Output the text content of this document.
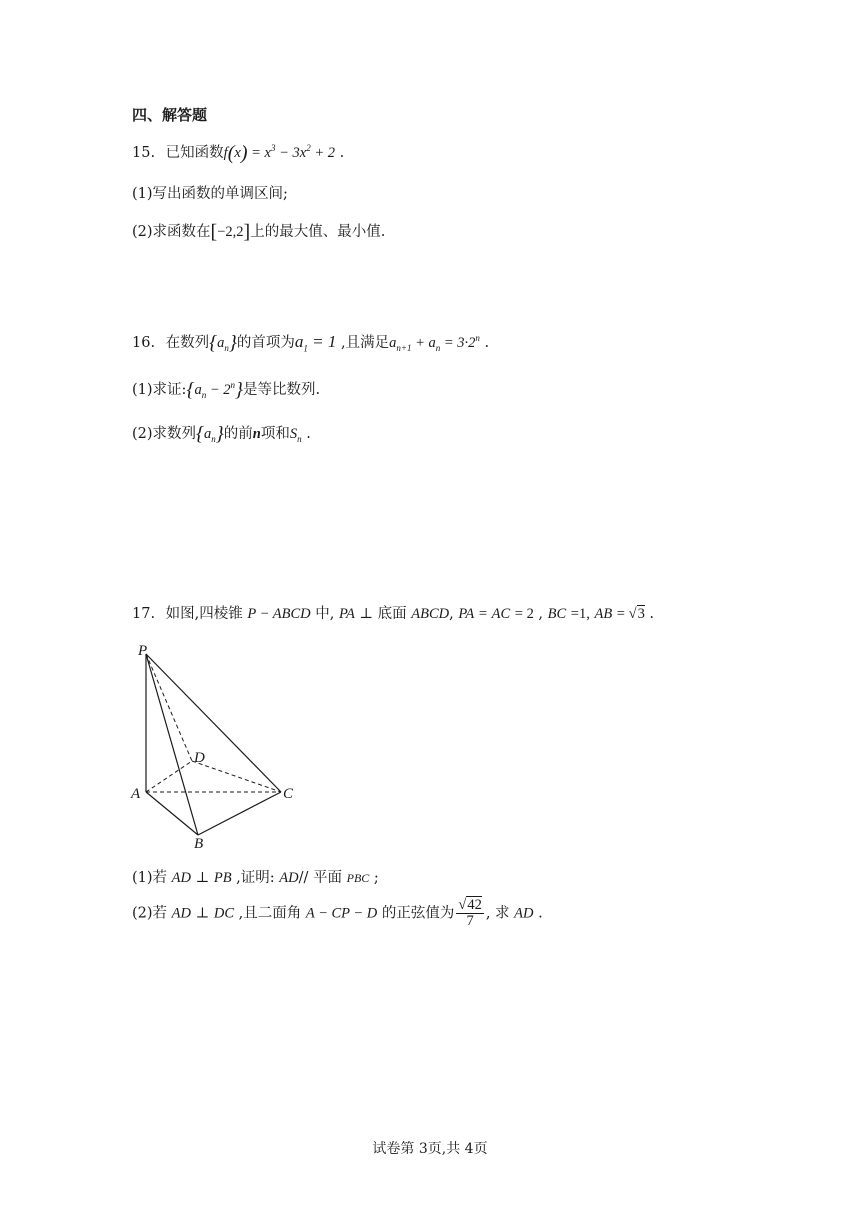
四、解答题
15. 已知函数$f(x) = x^3 - 3x^2 + 2$ .
(1)写出函数的单调区间;
(2)求函数在[−2,2]上的最大值、最小值.
16. 在数列$\{a_n\}$的首项为$a_1 = 1$ ,且满足$a_{n+1} + a_n = 3\cdot 2^n$ .
(1)求证$:\{a_n - 2^n\}$是等比数列.
(2)求数列$\{a_n\}$的前n项和$S_n$ .
17. 如图,四棱锥 P − ABCD 中, PA ⊥ 底面 ABCD, PA = AC = 2 , BC =1, AB = √3 .
P
A
B
C
D
(1)若 AD ⊥ PB ,证明: AD// 平面 PBC ;
(2)若 AD ⊥ DC ,且二面角 A − CP − D 的正弦值为 $\frac{√42}{7}$ , 求 AD .
试卷第 3页,共 4页
